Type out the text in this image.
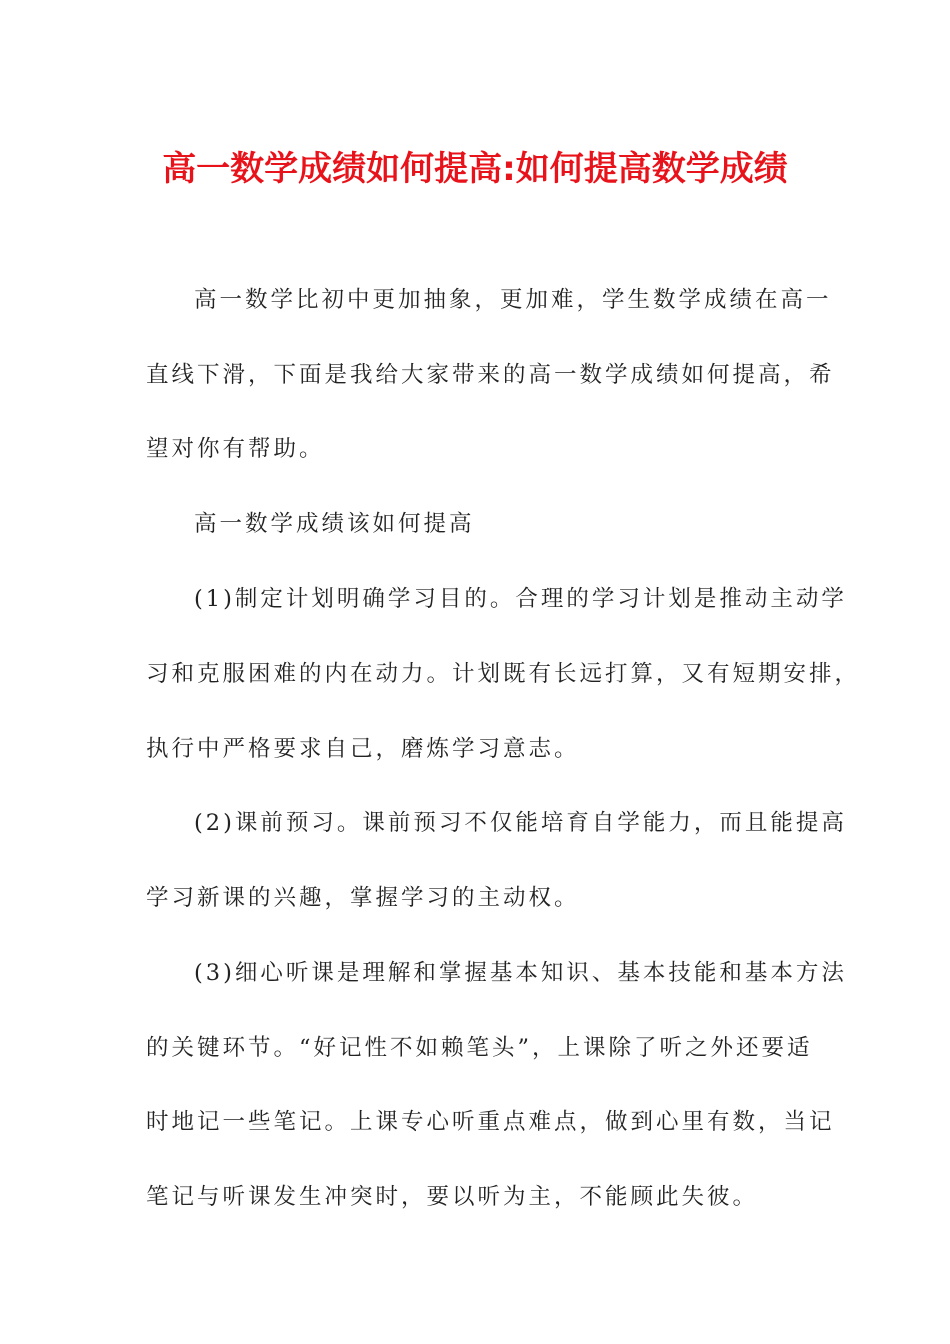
高一数学成绩如何提高:如何提高数学成绩

高一数学比初中更加抽象，更加难，学生数学成绩在高一

直线下滑，下面是我给大家带来的高一数学成绩如何提高，希

望对你有帮助。

高一数学成绩该如何提高

(1)制定计划明确学习目的。合理的学习计划是推动主动学

习和克服困难的内在动力。计划既有长远打算，又有短期安排，

执行中严格要求自己，磨炼学习意志。

(2)课前预习。课前预习不仅能培育自学能力，而且能提高

学习新课的兴趣，掌握学习的主动权。

(3)细心听课是理解和掌握基本知识、基本技能和基本方法

的关键环节。“好记性不如赖笔头”，上课除了听之外还要适

时地记一些笔记。上课专心听重点难点，做到心里有数，当记

笔记与听课发生冲突时，要以听为主，不能顾此失彼。
